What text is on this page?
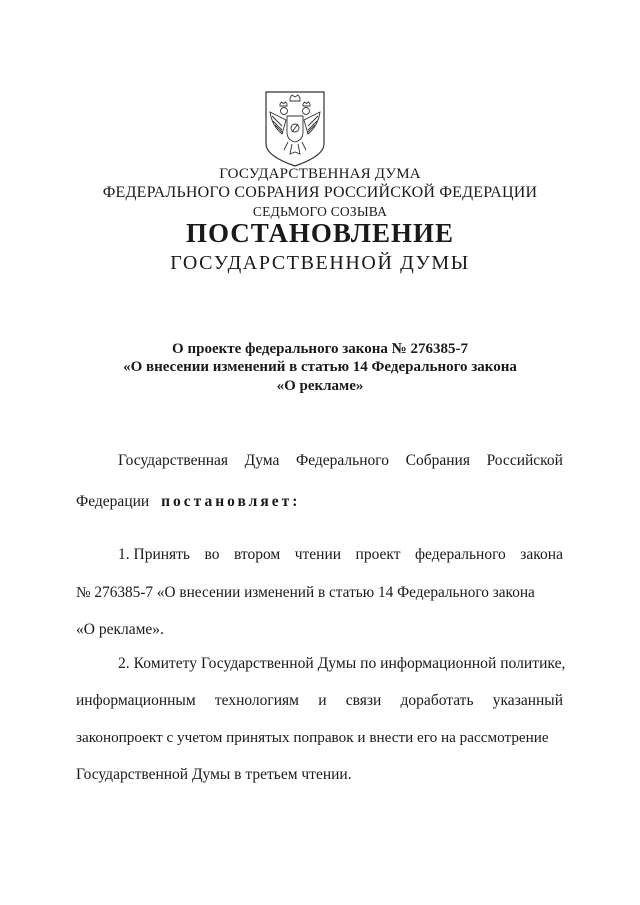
ГОСУДАРСТВЕННАЯ ДУМА
ФЕДЕРАЛЬНОГО СОБРАНИЯ РОССИЙСКОЙ ФЕДЕРАЦИИ
СЕДЬМОГО СОЗЫВА
ПОСТАНОВЛЕНИЕ
ГОСУДАРСТВЕННОЙ ДУМЫ
О проекте федерального закона № 276385-7
«О внесении изменений в статью 14 Федерального закона
«О рекламе»
Государственная Дума Федерального Собрания Российской
Федерации постановляет:
1. Принять во втором чтении проект федерального закона
№ 276385-7 «О внесении изменений в статью 14 Федерального закона
«О рекламе».
2. Комитету Государственной Думы по информационной политике,
информационным технологиям и связи доработать указанный
законопроект с учетом принятых поправок и внести его на рассмотрение
Государственной Думы в третьем чтении.
